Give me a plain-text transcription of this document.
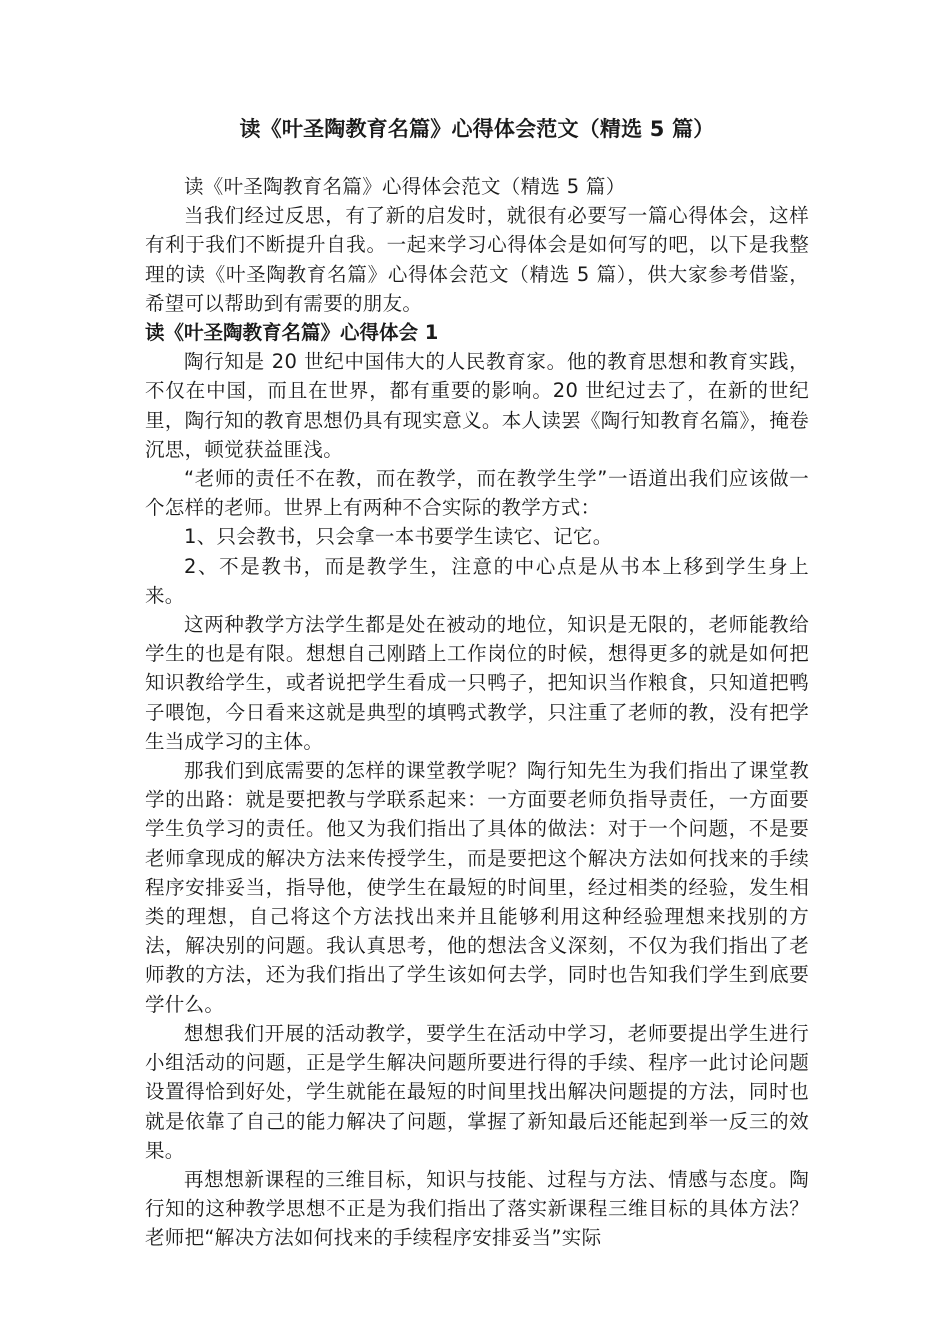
读《叶圣陶教育名篇》心得体会范文（精选 5 篇）

读《叶圣陶教育名篇》心得体会范文（精选 5 篇）

当我们经过反思，有了新的启发时，就很有必要写一篇心得体会，这样有利于我们不断提升自我。一起来学习心得体会是如何写的吧，以下是我整理的读《叶圣陶教育名篇》心得体会范文（精选 5 篇），供大家参考借鉴，希望可以帮助到有需要的朋友。

读《叶圣陶教育名篇》心得体会 1

陶行知是 20 世纪中国伟大的人民教育家。他的教育思想和教育实践，不仅在中国，而且在世界，都有重要的影响。20 世纪过去了，在新的世纪里，陶行知的教育思想仍具有现实意义。本人读罢《陶行知教育名篇》，掩卷沉思，顿觉获益匪浅。

“老师的责任不在教，而在教学，而在教学生学”一语道出我们应该做一个怎样的老师。世界上有两种不合实际的教学方式：

1、只会教书，只会拿一本书要学生读它、记它。

2、不是教书，而是教学生，注意的中心点是从书本上移到学生身上来。

这两种教学方法学生都是处在被动的地位，知识是无限的，老师能教给学生的也是有限。想想自己刚踏上工作岗位的时候，想得更多的就是如何把知识教给学生，或者说把学生看成一只鸭子，把知识当作粮食，只知道把鸭子喂饱，今日看来这就是典型的填鸭式教学，只注重了老师的教，没有把学生当成学习的主体。

那我们到底需要的怎样的课堂教学呢？陶行知先生为我们指出了课堂教学的出路：就是要把教与学联系起来：一方面要老师负指导责任，一方面要学生负学习的责任。他又为我们指出了具体的做法：对于一个问题，不是要老师拿现成的解决方法来传授学生，而是要把这个解决方法如何找来的手续程序安排妥当，指导他，使学生在最短的时间里，经过相类的经验，发生相类的理想，自己将这个方法找出来并且能够利用这种经验理想来找别的方法，解决别的问题。我认真思考，他的想法含义深刻，不仅为我们指出了老师教的方法，还为我们指出了学生该如何去学，同时也告知我们学生到底要学什么。

想想我们开展的活动教学，要学生在活动中学习，老师要提出学生进行小组活动的问题，正是学生解决问题所要进行得的手续、程序一此讨论问题设置得恰到好处，学生就能在最短的时间里找出解决问题提的方法，同时也就是依靠了自己的能力解决了问题，掌握了新知最后还能起到举一反三的效果。

再想想新课程的三维目标，知识与技能、过程与方法、情感与态度。陶行知的这种教学思想不正是为我们指出了落实新课程三维目标的具体方法？老师把“解决方法如何找来的手续程序安排妥当”实际
